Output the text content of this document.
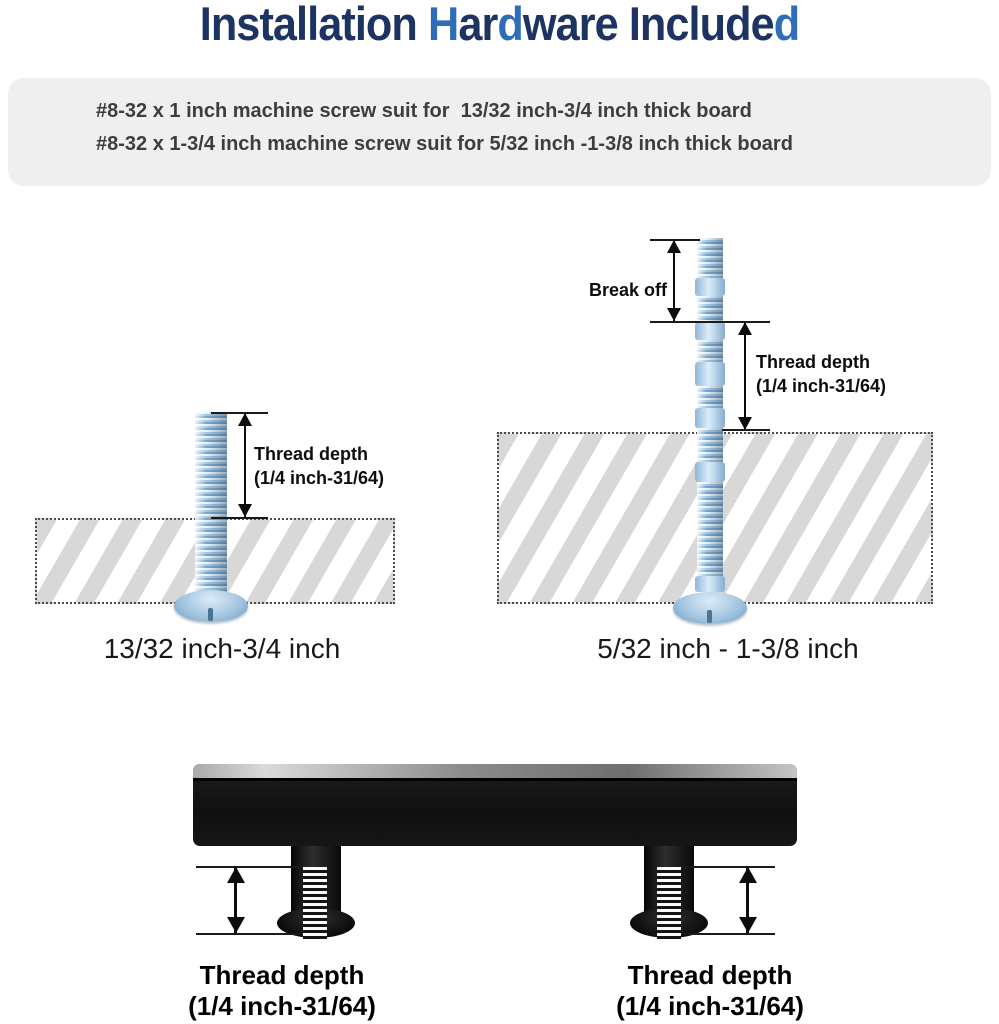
Installation Hardware Included

#8-32 x 1 inch machine screw suit for  13/32 inch-3/4 inch thick board

#8-32 x 1-3/4 inch machine screw suit for 5/32 inch -1-3/8 inch thick board

Thread depth
(1/4 inch-31/64)
13/32 inch-3/4 inch
Break off
Thread depth
(1/4 inch-31/64)
5/32 inch - 1-3/8 inch
Thread depth
(1/4 inch-31/64)
Thread depth
(1/4 inch-31/64)
